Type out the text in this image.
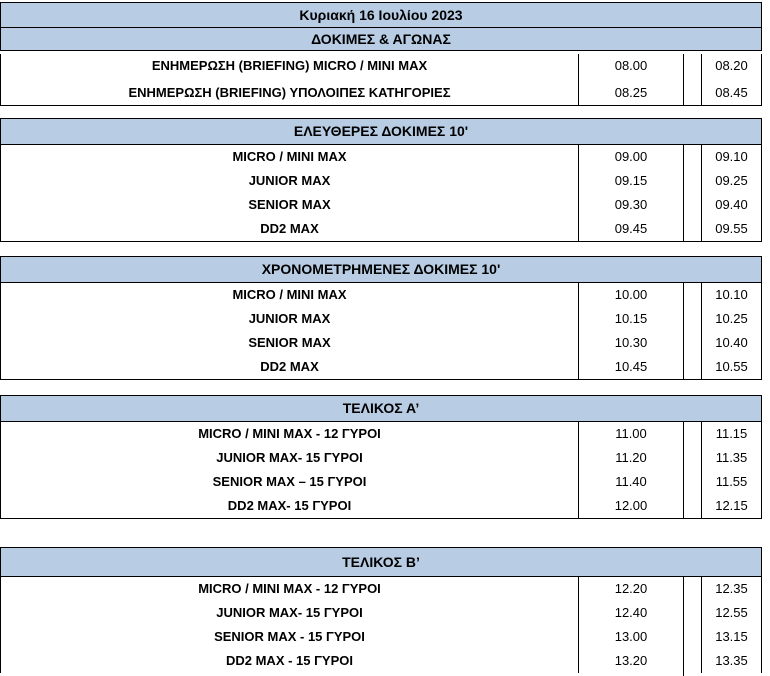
Κυριακή 16 Ιουλίου 2023
ΔΟΚΙΜΕΣ & ΑΓΩΝΑΣ
ΕΝΗΜΕΡΩΣΗ (BRIEFING) MICRO / MINI MAX	08.00	08.20
ΕΝΗΜΕΡΩΣΗ (BRIEFING) ΥΠΟΛΟΙΠΕΣ ΚΑΤΗΓΟΡΙΕΣ	08.25	08.45
ΕΛΕΥΘΕΡΕΣ ΔΟΚΙΜΕΣ 10'
MICRO / MINI MAX	09.00	09.10
JUNIOR MAX	09.15	09.25
SENIOR MAX	09.30	09.40
DD2 MAX	09.45	09.55
ΧΡΟΝΟΜΕΤΡΗΜΕΝΕΣ ΔΟΚΙΜΕΣ 10'
MICRO / MINI MAX	10.00	10.10
JUNIOR MAX	10.15	10.25
SENIOR MAX	10.30	10.40
DD2 MAX	10.45	10.55
ΤΕΛΙΚΟΣ Α’
MICRO / MINI MAX - 12 ΓΥΡΟΙ	11.00	11.15
JUNIOR MAX- 15 ΓΥΡΟΙ	11.20	11.35
SENIOR MAX – 15 ΓΥΡΟΙ	11.40	11.55
DD2 MAX- 15 ΓΥΡΟΙ	12.00	12.15
ΤΕΛΙΚΟΣ Β’
MICRO / MINI MAX - 12 ΓΥΡΟΙ	12.20	12.35
JUNIOR MAX- 15 ΓΥΡΟΙ	12.40	12.55
SENIOR MAX - 15 ΓΥΡΟΙ	13.00	13.15
DD2 MAX - 15 ΓΥΡΟΙ	13.20	13.35
